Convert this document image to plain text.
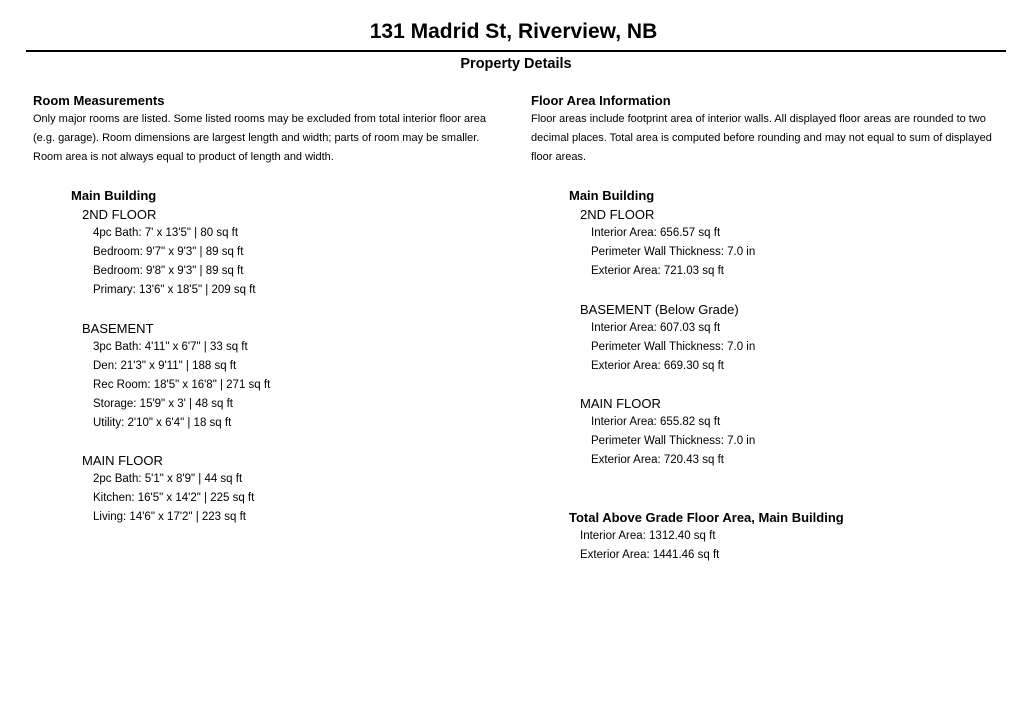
131 Madrid St, Riverview, NB
Property Details

Room Measurements

Only major rooms are listed. Some listed rooms may be excluded from total interior floor area (e.g. garage). Room dimensions are largest length and width; parts of room may be smaller. Room area is not always equal to product of length and width.

Main Building
2ND FLOOR
4pc Bath: 7' x 13'5" | 80 sq ft
Bedroom: 9'7" x 9'3" | 89 sq ft
Bedroom: 9'8" x 9'3" | 89 sq ft
Primary: 13'6" x 18'5" | 209 sq ft
BASEMENT
3pc Bath: 4'11" x 6'7" | 33 sq ft
Den: 21'3" x 9'11" | 188 sq ft
Rec Room: 18'5" x 16'8" | 271 sq ft
Storage: 15'9" x 3' | 48 sq ft
Utility: 2'10" x 6'4" | 18 sq ft
MAIN FLOOR
2pc Bath: 5'1" x 8'9" | 44 sq ft
Kitchen: 16'5" x 14'2" | 225 sq ft
Living: 14'6" x 17'2" | 223 sq ft

Floor Area Information

Floor areas include footprint area of interior walls. All displayed floor areas are rounded to two decimal places. Total area is computed before rounding and may not equal to sum of displayed floor areas.

Main Building
2ND FLOOR
Interior Area: 656.57 sq ft
Perimeter Wall Thickness: 7.0 in
Exterior Area: 721.03 sq ft
BASEMENT (Below Grade)
Interior Area: 607.03 sq ft
Perimeter Wall Thickness: 7.0 in
Exterior Area: 669.30 sq ft
MAIN FLOOR
Interior Area: 655.82 sq ft
Perimeter Wall Thickness: 7.0 in
Exterior Area: 720.43 sq ft
Total Above Grade Floor Area, Main Building
Interior Area: 1312.40 sq ft
Exterior Area: 1441.46 sq ft
